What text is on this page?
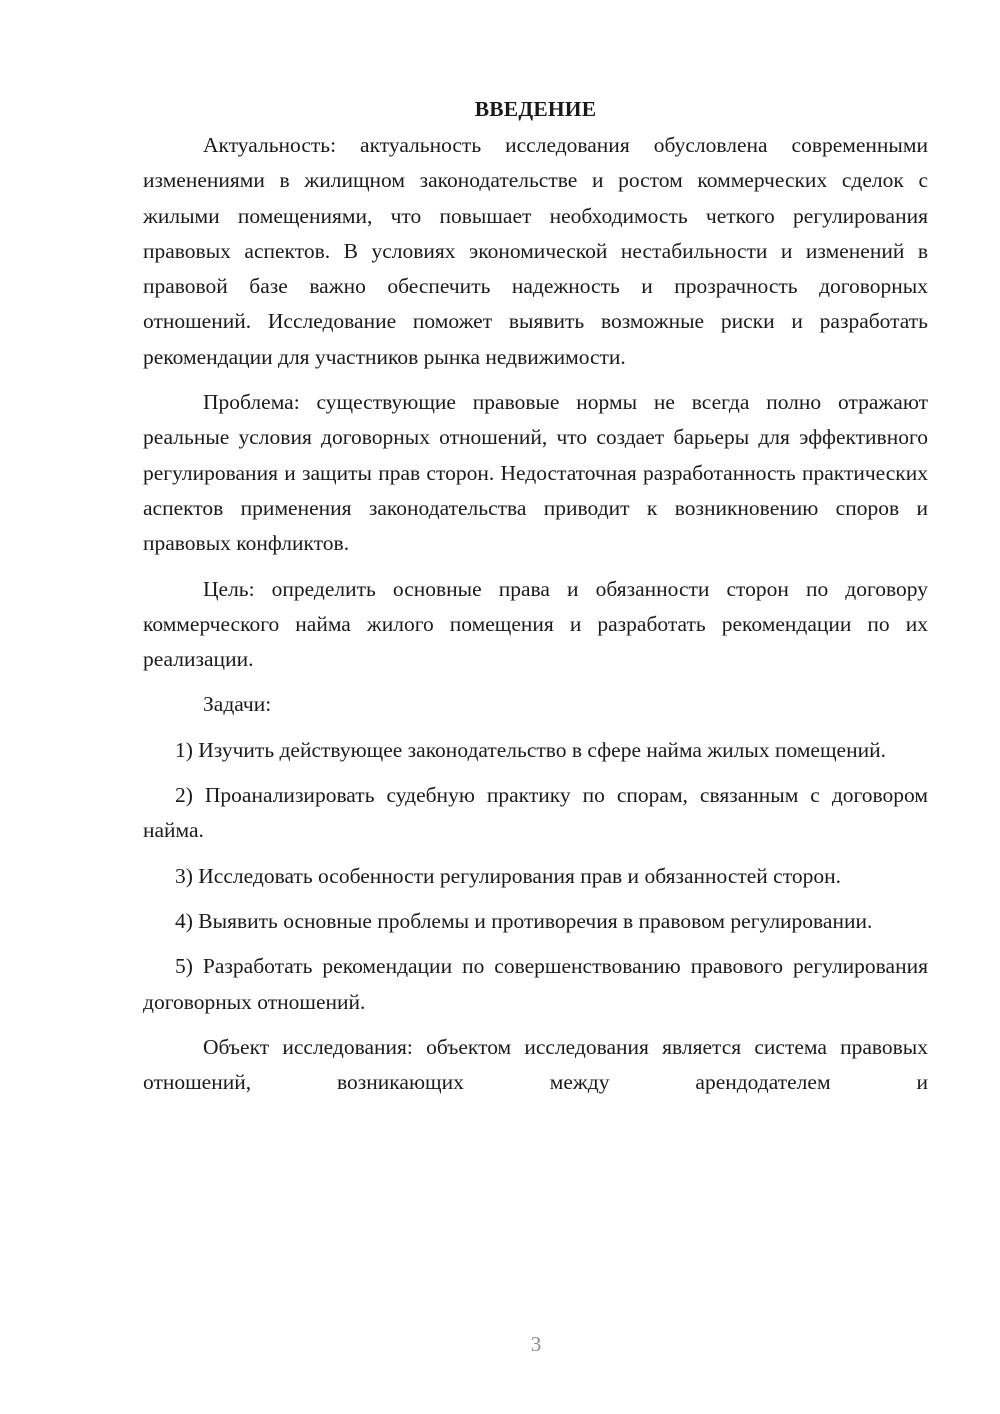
ВВЕДЕНИЕ

Актуальность: актуальность исследования обусловлена современными изменениями в жилищном законодательстве и ростом коммерческих сделок с жилыми помещениями, что повышает необходимость четкого регулирования правовых аспектов. В условиях экономической нестабильности и изменений в правовой базе важно обеспечить надежность и прозрачность договорных отношений. Исследование поможет выявить возможные риски и разработать рекомендации для участников рынка недвижимости.

Проблема: существующие правовые нормы не всегда полно отражают реальные условия договорных отношений, что создает барьеры для эффективного регулирования и защиты прав сторон. Недостаточная разработанность практических аспектов применения законодательства приводит к возникновению споров и правовых конфликтов.

Цель: определить основные права и обязанности сторон по договору коммерческого найма жилого помещения и разработать рекомендации по их реализации.

Задачи:

1) Изучить действующее законодательство в сфере найма жилых помещений.

2) Проанализировать судебную практику по спорам, связанным с договором найма.

3) Исследовать особенности регулирования прав и обязанностей сторон.

4) Выявить основные проблемы и противоречия в правовом регулировании.

5) Разработать рекомендации по совершенствованию правового регулирования договорных отношений.

Объект исследования: объектом исследования является система правовых отношений, возникающих между арендодателем и

3
